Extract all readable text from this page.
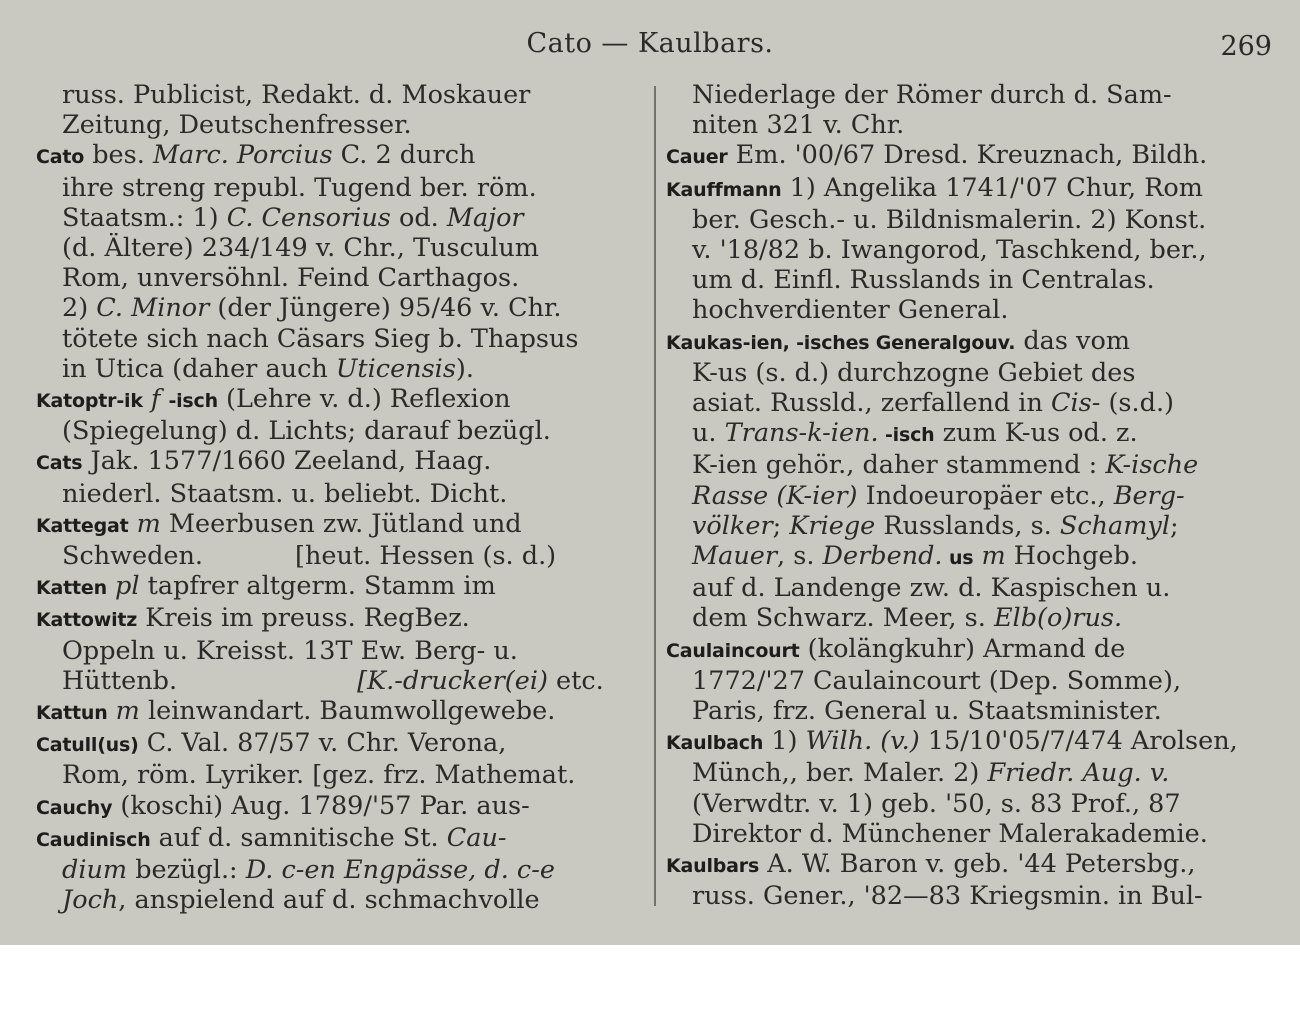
Cato — Kaulbars.	269
russ. Publicist, Redakt. d. Moskauer
Zeitung, Deutschenfresser.
Cato bes. Marc. Porcius C. 2 durch
ihre streng republ. Tugend ber. röm.
Staatsm.: 1) C. Censorius od. Major
(d. Ältere) 234/149 v. Chr., Tusculum
Rom, unversöhnl. Feind Carthagos.
2) C. Minor (der Jüngere) 95/46 v. Chr.
tötete sich nach Cäsars Sieg b. Thapsus
in Utica (daher auch Uticensis).
Katoptr-ik f -isch (Lehre v. d.) Reflexion
(Spiegelung) d. Lichts; darauf bezügl.
Cats Jak. 1577/1660 Zeeland, Haag.
niederl. Staatsm. u. beliebt. Dicht.
Kattegat m Meerbusen zw. Jütland und
Schweden.	[heut. Hessen (s. d.)
Katten pl tapfrer altgerm. Stamm im
Kattowitz Kreis im preuss. RegBez.
Oppeln u. Kreisst. 13T Ew. Berg- u.
Hüttenb.	[K.-drucker(ei) etc.
Kattun m leinwandart. Baumwollgewebe.
Catull(us) C. Val. 87/57 v. Chr. Verona,
Rom, röm. Lyriker. [gez. frz. Mathemat.
Cauchy (koschi) Aug. 1789/'57 Par. aus-
Caudinisch auf d. samnitische St. Cau-
dium bezügl.: D. c-en Engpässe, d. c-e
Joch, anspielend auf d. schmachvolle
Niederlage der Römer durch d. Sam-
niten 321 v. Chr.
Cauer Em. '00/67 Dresd. Kreuznach, Bildh.
Kauffmann 1) Angelika 1741/'07 Chur, Rom
ber. Gesch.- u. Bildnismalerin. 2) Konst.
v. '18/82 b. Iwangorod, Taschkend, ber.,
um d. Einfl. Russlands in Centralas.
hochverdienter General.
Kaukas-ien, -isches Generalgouv. das vom
K-us (s. d.) durchzogne Gebiet des
asiat. Russld., zerfallend in Cis- (s.d.)
u. Trans-k-ien. -isch zum K-us od. z.
K-ien gehör., daher stammend : K-ische
Rasse (K-ier) Indoeuropäer etc., Berg-
völker; Kriege Russlands, s. Schamyl;
Mauer, s. Derbend. us m Hochgeb.
auf d. Landenge zw. d. Kaspischen u.
dem Schwarz. Meer, s. Elb(o)rus.
Caulaincourt (kolängkuhr) Armand de
1772/'27 Caulaincourt (Dep. Somme),
Paris, frz. General u. Staatsminister.
Kaulbach 1) Wilh. (v.) 15/10'05/7/474 Arolsen,
Münch,, ber. Maler. 2) Friedr. Aug. v.
(Verwdtr. v. 1) geb. '50, s. 83 Prof., 87
Direktor d. Münchener Malerakademie.
Kaulbars A. W. Baron v. geb. '44 Petersbg.,
russ. Gener., '82—83 Kriegsmin. in Bul-
